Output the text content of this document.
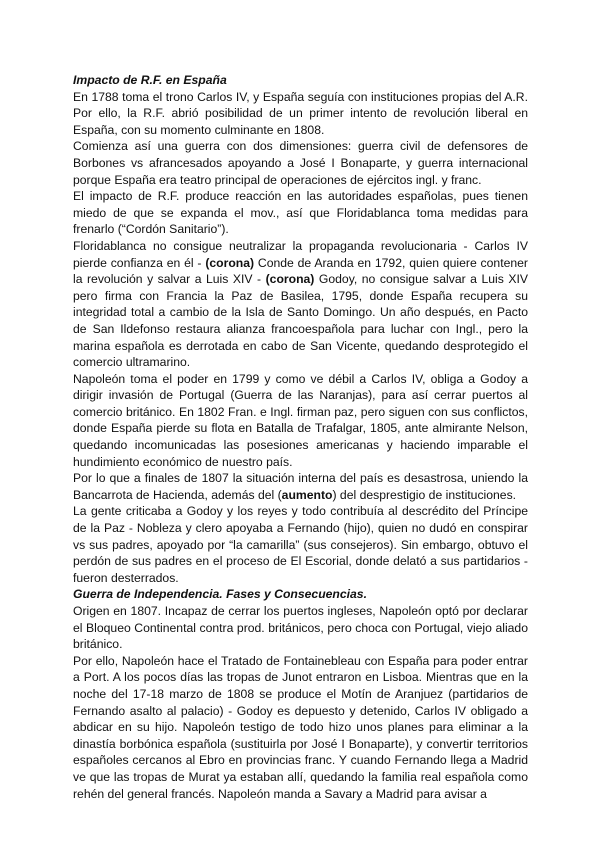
Impacto de R.F. en España

En 1788 toma el trono Carlos IV, y España seguía con instituciones propias del A.R. Por ello, la R.F. abrió posibilidad de un primer intento de revolución liberal en España, con su momento culminante en 1808.

Comienza así una guerra con dos dimensiones: guerra civil de defensores de Borbones vs afrancesados apoyando a José I Bonaparte, y guerra internacional porque España era teatro principal de operaciones de ejércitos ingl. y franc.

El impacto de R.F. produce reacción en las autoridades españolas, pues tienen miedo de que se expanda el mov., así que Floridablanca toma medidas para frenarlo (“Cordón Sanitario”).

Floridablanca no consigue neutralizar la propaganda revolucionaria - Carlos IV pierde confianza en él - (corona) Conde de Aranda en 1792, quien quiere contener la revolución y salvar a Luis XIV - (corona) Godoy, no consigue salvar a Luis XIV pero firma con Francia la Paz de Basilea, 1795, donde España recupera su integridad total a cambio de la Isla de Santo Domingo. Un año después, en Pacto de San Ildefonso restaura alianza francoespañola para luchar con Ingl., pero la marina española es derrotada en cabo de San Vicente, quedando desprotegido el comercio ultramarino.

Napoleón toma el poder en 1799 y como ve débil a Carlos IV, obliga a Godoy a dirigir invasión de Portugal (Guerra de las Naranjas), para así cerrar puertos al comercio británico. En 1802 Fran. e Ingl. firman paz, pero siguen con sus conflictos, donde España pierde su flota en Batalla de Trafalgar, 1805, ante almirante Nelson, quedando incomunicadas las posesiones americanas y haciendo imparable el hundimiento económico de nuestro país.

Por lo que a finales de 1807 la situación interna del país es desastrosa, uniendo la Bancarrota de Hacienda, además del (aumento) del desprestigio de instituciones.

La gente criticaba a Godoy y los reyes y todo contribuía al descrédito del Príncipe de la Paz - Nobleza y clero apoyaba a Fernando (hijo), quien no dudó en conspirar vs sus padres, apoyado por “la camarilla” (sus consejeros). Sin embargo, obtuvo el perdón de sus padres en el proceso de El Escorial, donde delató a sus partidarios - fueron desterrados.

Guerra de Independencia. Fases y Consecuencias.

Origen en 1807. Incapaz de cerrar los puertos ingleses, Napoleón optó por declarar el Bloqueo Continental contra prod. británicos, pero choca con Portugal, viejo aliado británico.

Por ello, Napoleón hace el Tratado de Fontainebleau con España para poder entrar a Port. A los pocos días las tropas de Junot entraron en Lisboa. Mientras que en la noche del 17-18 marzo de 1808 se produce el Motín de Aranjuez (partidarios de Fernando asalto al palacio) - Godoy es depuesto y detenido, Carlos IV obligado a abdicar en su hijo. Napoleón testigo de todo hizo unos planes para eliminar a la dinastía borbónica española (sustituirla por José I Bonaparte), y convertir territorios españoles cercanos al Ebro en provincias franc. Y cuando Fernando llega a Madrid ve que las tropas de Murat ya estaban allí, quedando la familia real española como rehén del general francés. Napoleón manda a Savary a Madrid para avisar a
